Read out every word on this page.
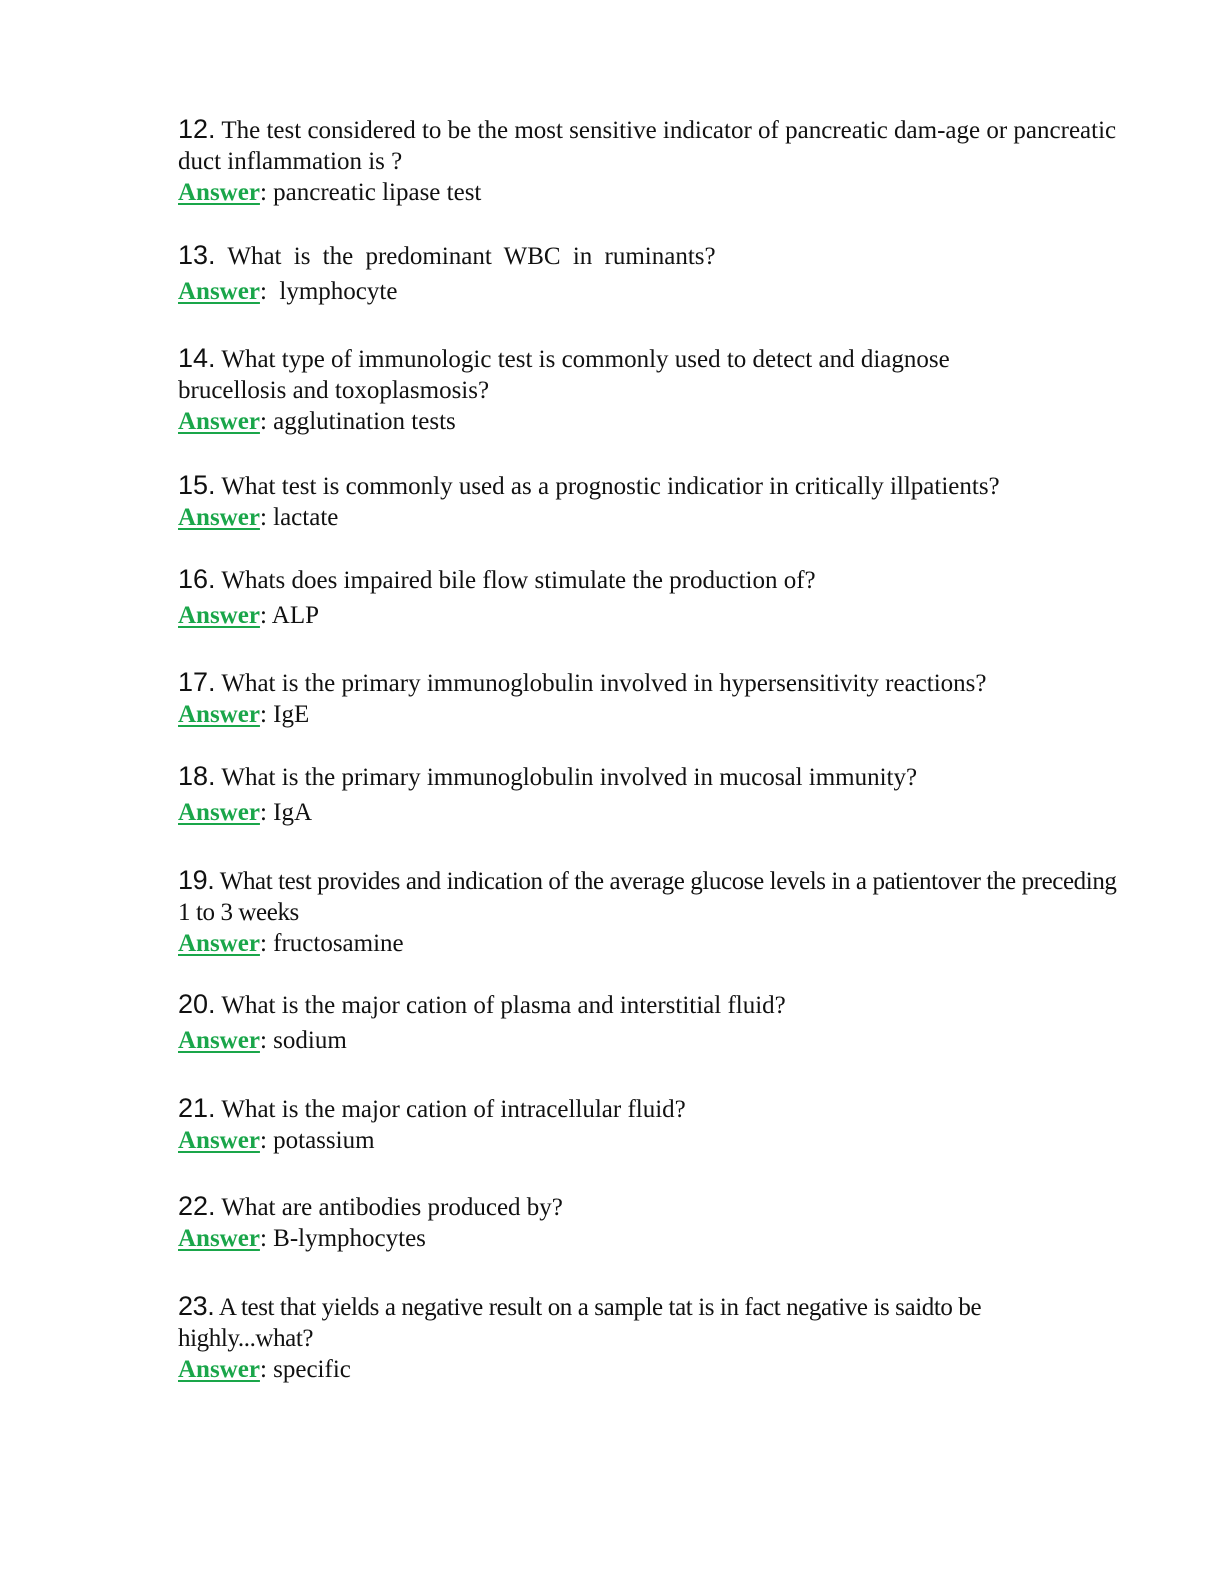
12. The test considered to be the most sensitive indicator of pancreatic dam-age or pancreatic duct inflammation is ?

Answer: pancreatic lipase test

13. What is the predominant WBC in ruminants?

Answer:  lymphocyte

14. What type of immunologic test is commonly used to detect and diagnose brucellosis and toxoplasmosis?

Answer: agglutination tests

15. What test is commonly used as a prognostic indicatior in critically illpatients?

Answer: lactate

16. Whats does impaired bile flow stimulate the production of?

Answer: ALP

17. What is the primary immunoglobulin involved in hypersensitivity reactions?

Answer: IgE

18. What is the primary immunoglobulin involved in mucosal immunity?

Answer: IgA

19. What test provides and indication of the average glucose levels in a patientover the preceding 1 to 3 weeks

Answer: fructosamine

20. What is the major cation of plasma and interstitial fluid?

Answer: sodium

21. What is the major cation of intracellular fluid?

Answer: potassium

22. What are antibodies produced by?

Answer: B-lymphocytes

23. A test that yields a negative result on a sample tat is in fact negative is saidto be highly...what?

Answer: specific
